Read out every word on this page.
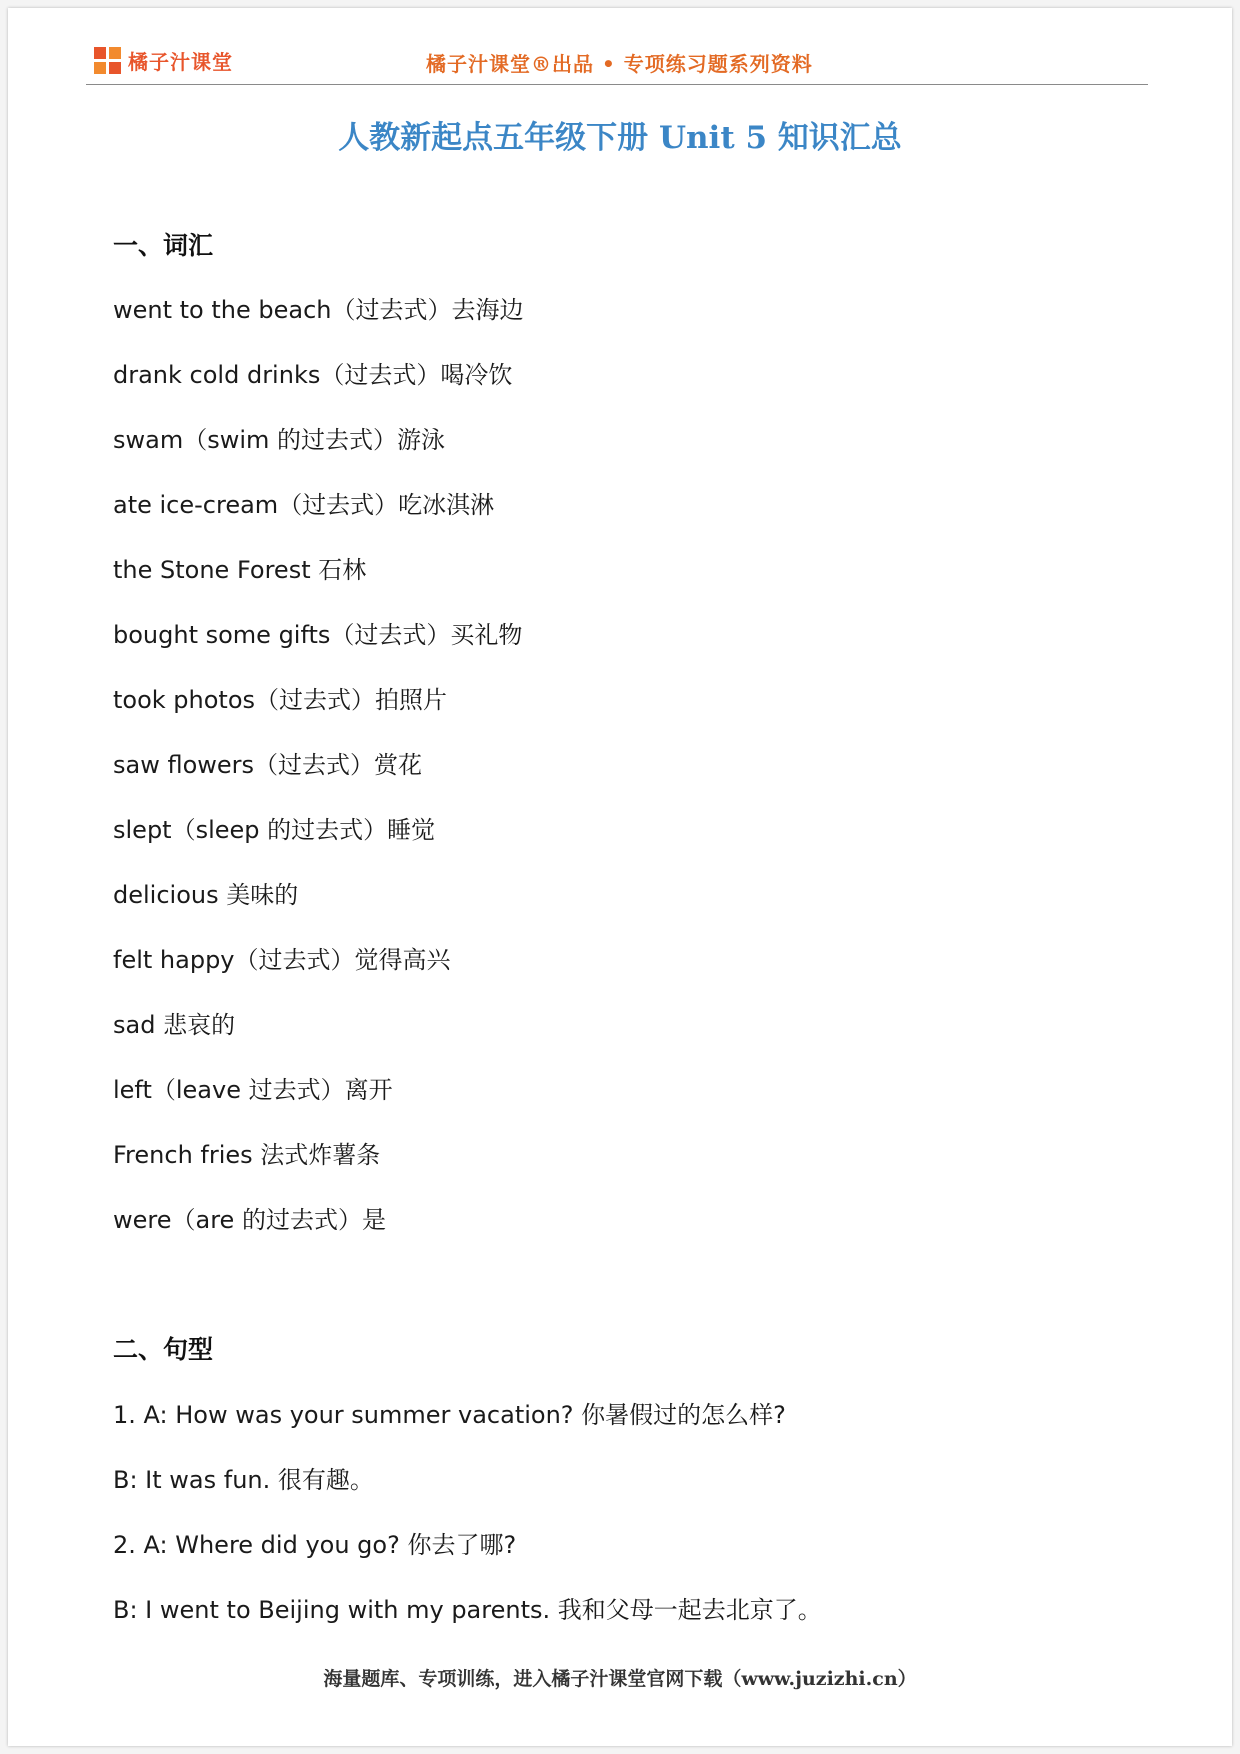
橘子汁课堂	橘子汁课堂®出品 • 专项练习题系列资料
人教新起点五年级下册 Unit 5 知识汇总
一、词汇
went to the beach（过去式）去海边
drank cold drinks（过去式）喝冷饮
swam（swim 的过去式）游泳
ate ice-cream（过去式）吃冰淇淋
the Stone Forest 石林
bought some gifts（过去式）买礼物
took photos（过去式）拍照片
saw flowers（过去式）赏花
slept（sleep 的过去式）睡觉
delicious 美味的
felt happy（过去式）觉得高兴
sad 悲哀的
left（leave 过去式）离开
French fries 法式炸薯条
were（are 的过去式）是
二、句型
1. A: How was your summer vacation? 你暑假过的怎么样?
B: It was fun. 很有趣。
2. A: Where did you go? 你去了哪?
B: I went to Beijing with my parents. 我和父母一起去北京了。
海量题库、专项训练，进入橘子汁课堂官网下载（www.juzizhi.cn）
